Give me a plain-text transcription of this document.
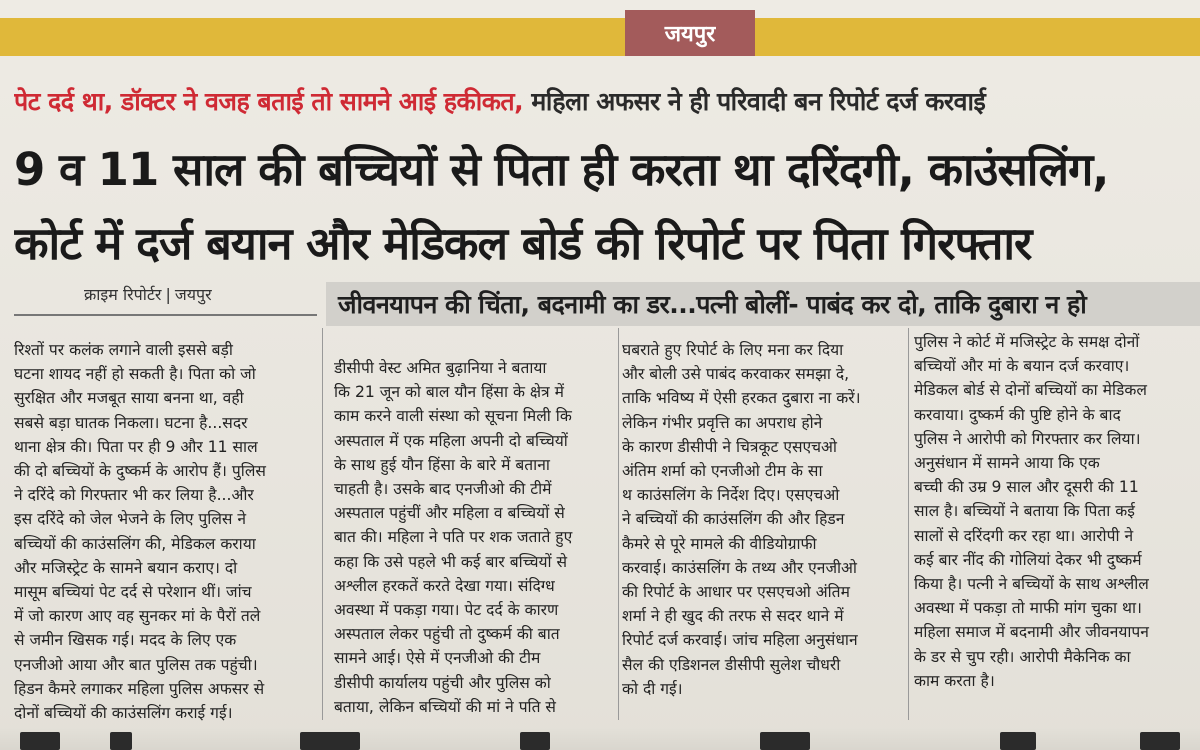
जयपुर
पेट दर्द था, डॉक्टर ने वजह बताई तो सामने आई हकीकत, महिला अफसर ने ही परिवादी बन रिपोर्ट दर्ज करवाई
9 व 11 साल की बच्चियों से पिता ही करता था दरिंदगी, काउंसलिंग,
कोर्ट में दर्ज बयान और मेडिकल बोर्ड की रिपोर्ट पर पिता गिरफ्तार
क्राइम रिपोर्टर | जयपुर	जीवनयापन की चिंता, बदनामी का डर...पत्नी बोलीं- पाबंद कर दो, ताकि दुबारा न हो
रिश्तों पर कलंक लगाने वाली इससे बड़ी
घटना शायद नहीं हो सकती है। पिता को जो
सुरक्षित और मजबूत साया बनना था, वही
सबसे बड़ा घातक निकला। घटना है...सदर
थाना क्षेत्र की। पिता पर ही 9 और 11 साल
की दो बच्चियों के दुष्कर्म के आरोप हैं। पुलिस
ने दरिंदे को गिरफ्तार भी कर लिया है...और
इस दरिंदे को जेल भेजने के लिए पुलिस ने
बच्चियों की काउंसलिंग की, मेडिकल कराया
और मजिस्ट्रेट के सामने बयान कराए। दो
मासूम बच्चियां पेट दर्द से परेशान थीं। जांच
में जो कारण आए वह सुनकर मां के पैरों तले
से जमीन खिसक गई। मदद के लिए एक
एनजीओ आया और बात पुलिस तक पहुंची।
हिडन कैमरे लगाकर महिला पुलिस अफसर से
दोनों बच्चियों की काउंसलिंग कराई गई।
डीसीपी वेस्ट अमित बुढ़ानिया ने बताया
कि 21 जून को बाल यौन हिंसा के क्षेत्र में
काम करने वाली संस्था को सूचना मिली कि
अस्पताल में एक महिला अपनी दो बच्चियों
के साथ हुई यौन हिंसा के बारे में बताना
चाहती है। उसके बाद एनजीओ की टीमें
अस्पताल पहुंचीं और महिला व बच्चियों से
बात की। महिला ने पति पर शक जताते हुए
कहा कि उसे पहले भी कई बार बच्चियों से
अश्लील हरकतें करते देखा गया। संदिग्ध
अवस्था में पकड़ा गया। पेट दर्द के कारण
अस्पताल लेकर पहुंची तो दुष्कर्म की बात
सामने आई। ऐसे में एनजीओ की टीम
डीसीपी कार्यालय पहुंची और पुलिस को
बताया, लेकिन बच्चियों की मां ने पति से
घबराते हुए रिपोर्ट के लिए मना कर दिया
और बोली उसे पाबंद करवाकर समझा दे,
ताकि भविष्य में ऐसी हरकत दुबारा ना करें।
लेकिन गंभीर प्रवृत्ति का अपराध होने
के कारण डीसीपी ने चित्रकूट एसएचओ
अंतिम शर्मा को एनजीओ टीम के सा
थ काउंसलिंग के निर्देश दिए। एसएचओ
ने बच्चियों की काउंसलिंग की और हिडन
कैमरे से पूरे मामले की वीडियोग्राफी
करवाई। काउंसलिंग के तथ्य और एनजीओ
की रिपोर्ट के आधार पर एसएचओ अंतिम
शर्मा ने ही खुद की तरफ से सदर थाने में
रिपोर्ट दर्ज करवाई। जांच महिला अनुसंधान
सैल की एडिशनल डीसीपी सुलेश चौधरी
को दी गई।
पुलिस ने कोर्ट में मजिस्ट्रेट के समक्ष दोनों
बच्चियों और मां के बयान दर्ज करवाए।
मेडिकल बोर्ड से दोनों बच्चियों का मेडिकल
करवाया। दुष्कर्म की पुष्टि होने के बाद
पुलिस ने आरोपी को गिरफ्तार कर लिया।
अनुसंधान में सामने आया कि एक
बच्ची की उम्र 9 साल और दूसरी की 11
साल है। बच्चियों ने बताया कि पिता कई
सालों से दरिंदगी कर रहा था। आरोपी ने
कई बार नींद की गोलियां देकर भी दुष्कर्म
किया है। पत्नी ने बच्चियों के साथ अश्लील
अवस्था में पकड़ा तो माफी मांग चुका था।
महिला समाज में बदनामी और जीवनयापन
के डर से चुप रही। आरोपी मैकेनिक का
काम करता है।
